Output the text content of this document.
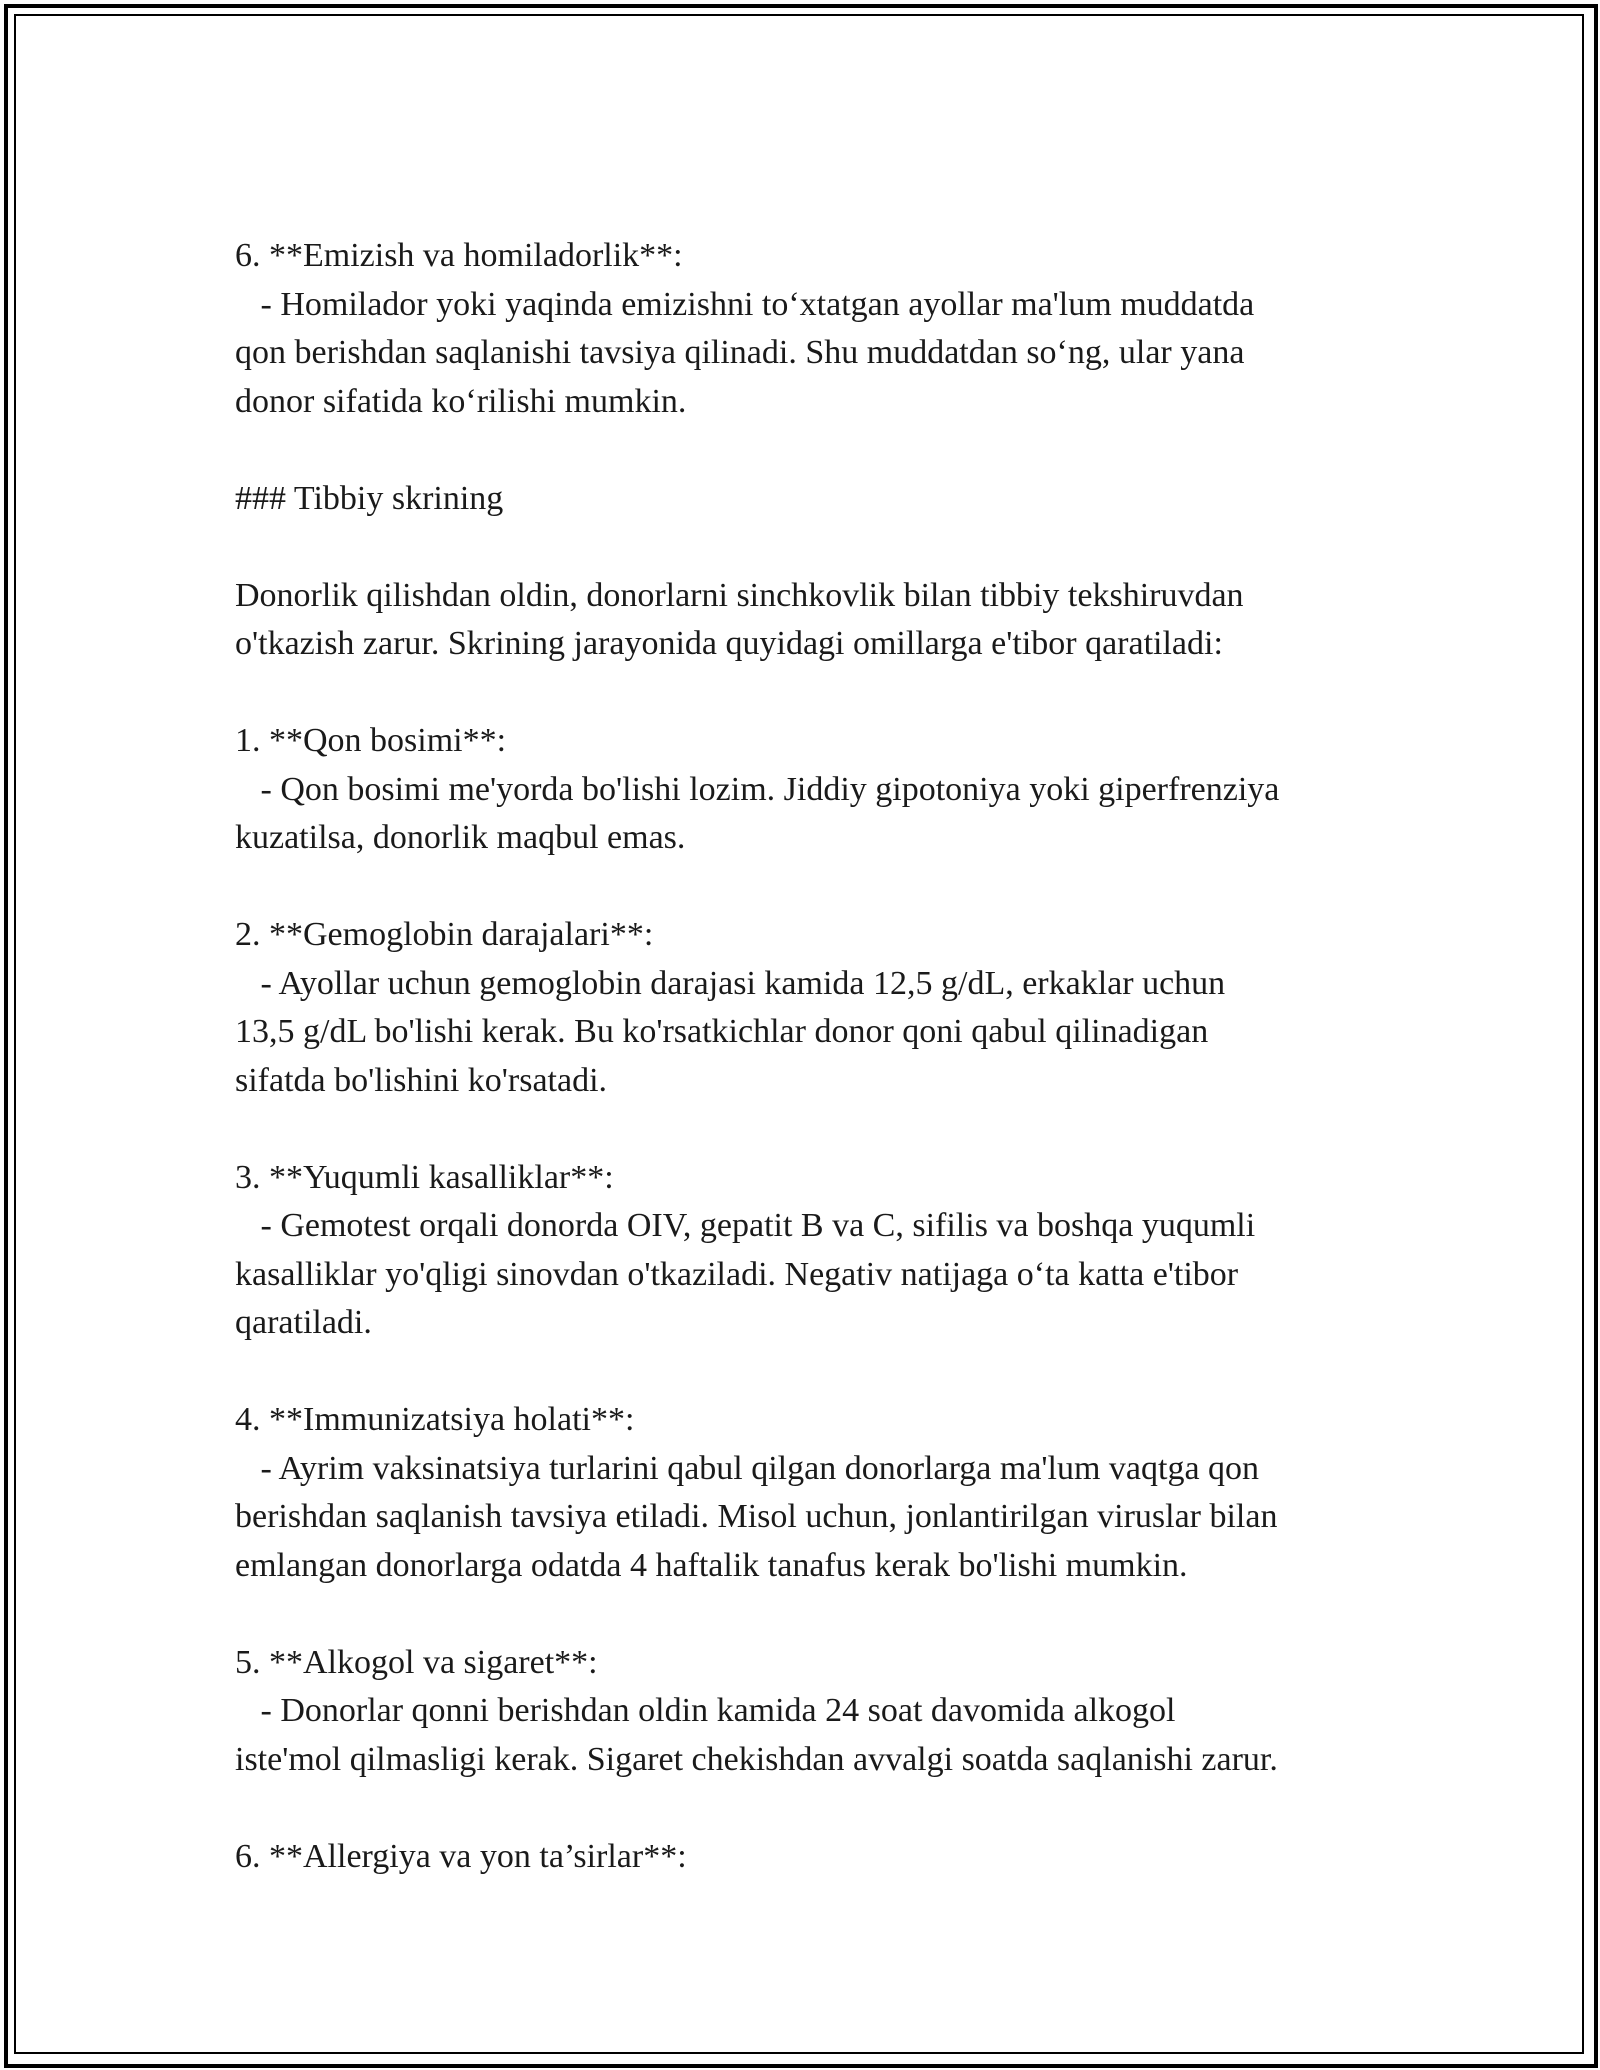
6. **Emizish va homiladorlik**:
- Homilador yoki yaqinda emizishni to‘xtatgan ayollar ma'lum muddatda
qon berishdan saqlanishi tavsiya qilinadi. Shu muddatdan so‘ng, ular yana
donor sifatida ko‘rilishi mumkin.
### Tibbiy skrining
Donorlik qilishdan oldin, donorlarni sinchkovlik bilan tibbiy tekshiruvdan
o'tkazish zarur. Skrining jarayonida quyidagi omillarga e'tibor qaratiladi:
1. **Qon bosimi**:
- Qon bosimi me'yorda bo'lishi lozim. Jiddiy gipotoniya yoki giperfrenziya
kuzatilsa, donorlik maqbul emas.
2. **Gemoglobin darajalari**:
- Ayollar uchun gemoglobin darajasi kamida 12,5 g/dL, erkaklar uchun
13,5 g/dL bo'lishi kerak. Bu ko'rsatkichlar donor qoni qabul qilinadigan
sifatda bo'lishini ko'rsatadi.
3. **Yuqumli kasalliklar**:
- Gemotest orqali donorda OIV, gepatit B va C, sifilis va boshqa yuqumli
kasalliklar yo'qligi sinovdan o'tkaziladi. Negativ natijaga o‘ta katta e'tibor
qaratiladi.
4. **Immunizatsiya holati**:
- Ayrim vaksinatsiya turlarini qabul qilgan donorlarga ma'lum vaqtga qon
berishdan saqlanish tavsiya etiladi. Misol uchun, jonlantirilgan viruslar bilan
emlangan donorlarga odatda 4 haftalik tanafus kerak bo'lishi mumkin.
5. **Alkogol va sigaret**:
- Donorlar qonni berishdan oldin kamida 24 soat davomida alkogol
iste'mol qilmasligi kerak. Sigaret chekishdan avvalgi soatda saqlanishi zarur.
6. **Allergiya va yon ta’sirlar**:
